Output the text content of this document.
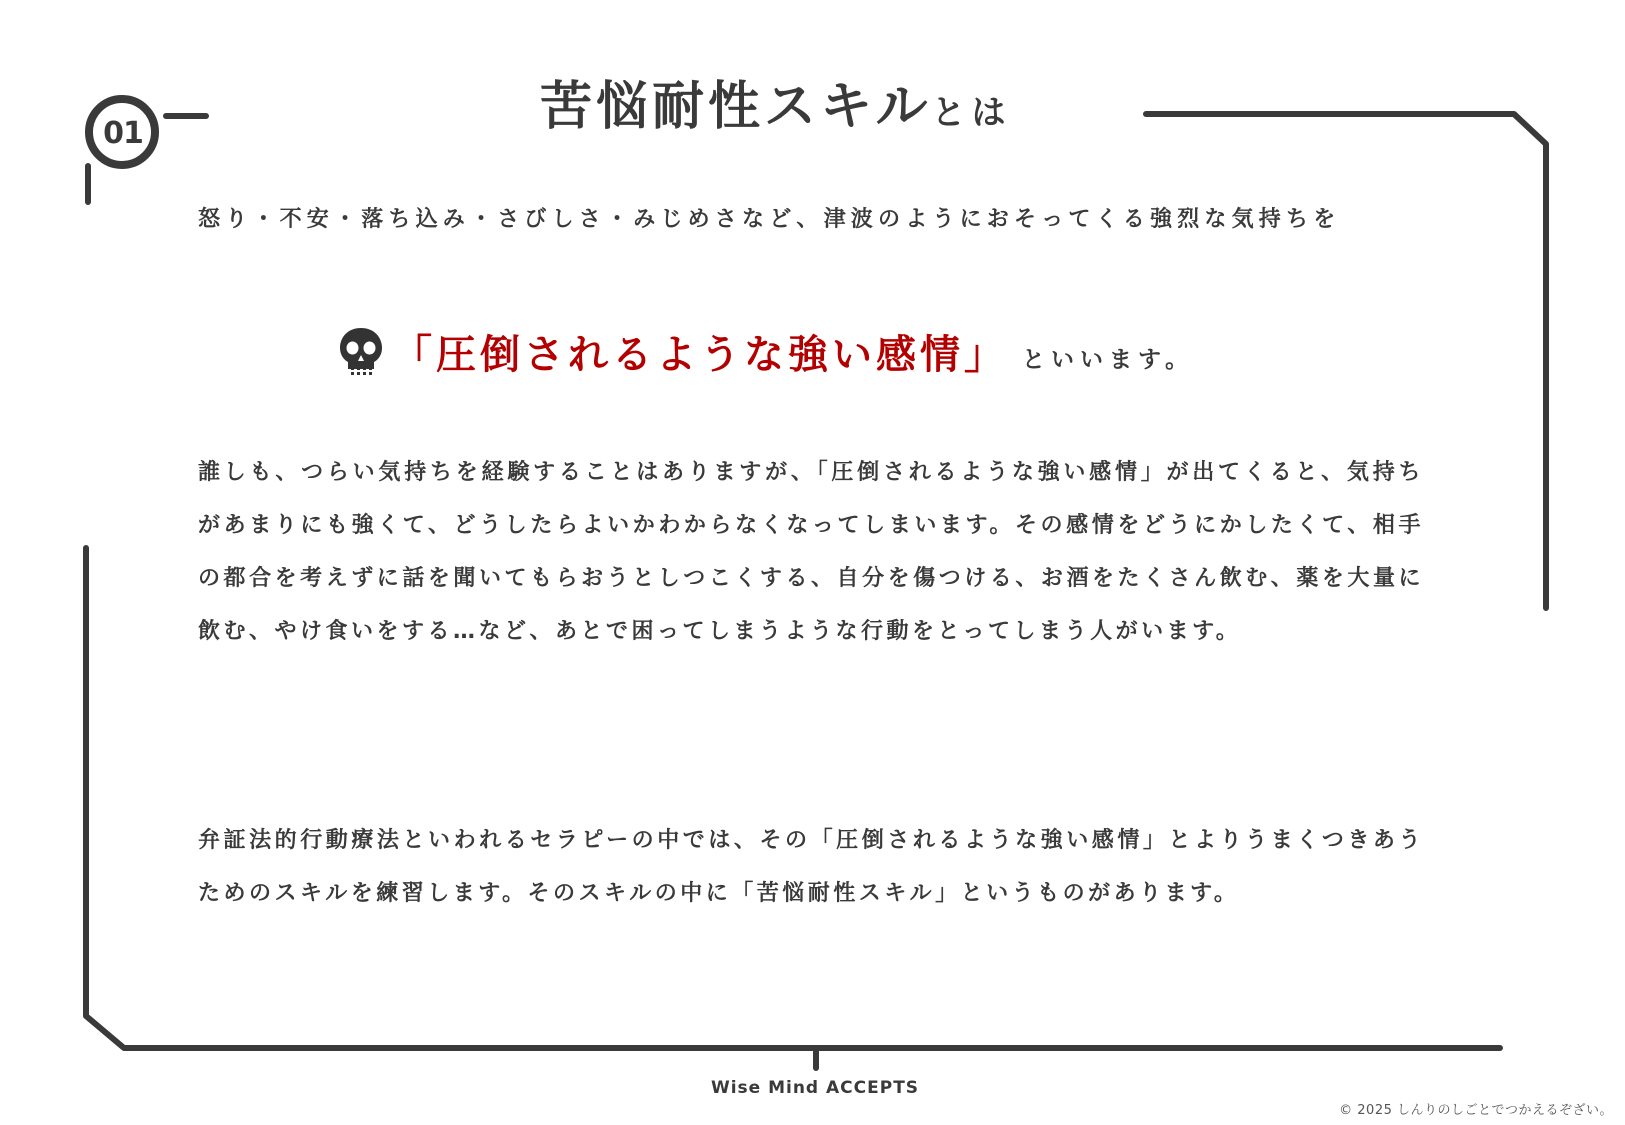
01	苦悩耐性スキルとは
怒り・不安・落ち込み・さびしさ・みじめさなど、津波のようにおそってくる強烈な気持ちを
「圧倒されるような強い感情」 といいます。

誰しも、つらい気持ちを経験することはありますが、「圧倒されるような強い感情」が出てくると、気持ちがあまりにも強くて、どうしたらよいかわからなくなってしまいます。その感情をどうにかしたくて、相手の都合を考えずに話を聞いてもらおうとしつこくする、自分を傷つける、お酒をたくさん飲む、薬を大量に飲む、やけ食いをする…など、あとで困ってしまうような行動をとってしまう人がいます。

弁証法的行動療法といわれるセラピーの中では、その「圧倒されるような強い感情」とよりうまくつきあうためのスキルを練習します。そのスキルの中に「苦悩耐性スキル」というものがあります。

Wise Mind ACCEPTS
© 2025 しんりのしごとでつかえるぞざい。
